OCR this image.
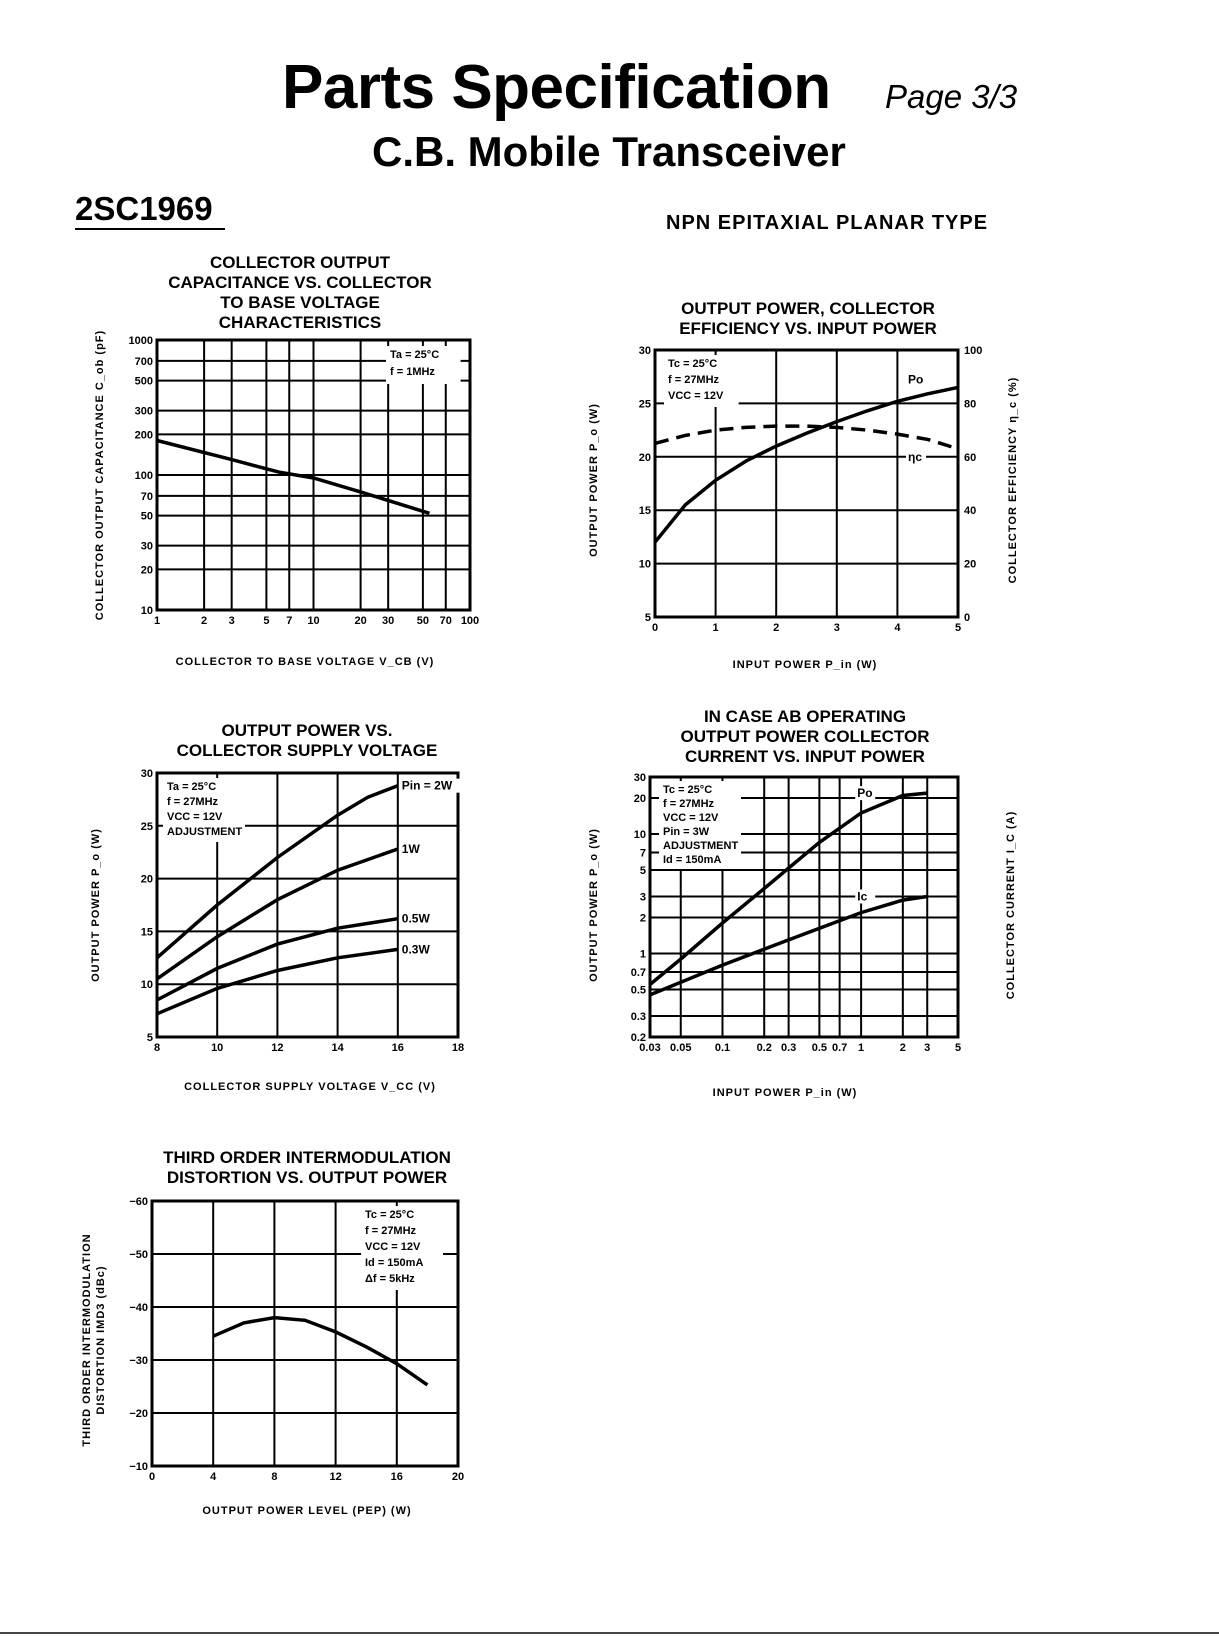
Parts Specification Page 3/3
C.B. Mobile Transceiver
2SC1969	NPN EPITAXIAL PLANAR TYPE
COLLECTOR OUTPUT
CAPACITANCE VS. COLLECTOR
TO BASE VOLTAGE
CHARACTERISTICS
1	2 3	5 7 10	20 30 50 70 100
10
20
30
50
70
100
200
300
500
700
1000
COLLECTOR TO BASE VOLTAGE V_CB (V)
COLLECTOR OUTPUT CAPACITANCE C_ob (pF)	Ta = 25°C
f = 1MHz
OUTPUT POWER, COLLECTOR
EFFICIENCY VS. INPUT POWER
0	1	2	3	4	5
5
10
15
20
25
30
0
20
40
60
80
100
INPUT POWER P_in (W)
OUTPUT POWER P_o (W)	COLLECTOR EFFICIENCY η_c (%)
Tc = 25°C
f = 27MHz
VCC = 12V
Po
ηc
OUTPUT POWER VS.
COLLECTOR SUPPLY VOLTAGE
8	10	12	14	16	18
5
10
15
20
25
30
COLLECTOR SUPPLY VOLTAGE V_CC (V)
OUTPUT POWER P_o (W)
Ta = 25°C
f = 27MHz
VCC = 12V
ADJUSTMENT
Pin = 2W
1W
0.5W
0.3W
IN CASE AB OPERATING
OUTPUT POWER COLLECTOR
CURRENT VS. INPUT POWER
0.03 0.05 0.1 0.2 0.3 0.5 0.7 1	2 3 5
0.2
0.3
0.5
0.7
1
2
3
5
7
10
20
30
INPUT POWER P_in (W)
OUTPUT POWER P_o (W)	COLLECTOR CURRENT I_C (A)
Tc = 25°C
f = 27MHz
VCC = 12V
Pin = 3W
ADJUSTMENT
Id = 150mA
Po
Ic
THIRD ORDER INTERMODULATION
DISTORTION VS. OUTPUT POWER
0	4	8	12	16	20
−10
−20
−30
−40
−50
−60
OUTPUT POWER LEVEL (PEP) (W)
THIRD ORDER INTERMODULATION DISTORTION IMD3 (dBc)
Tc = 25°C
f = 27MHz
VCC = 12V
Id = 150mA
Δf = 5kHz
